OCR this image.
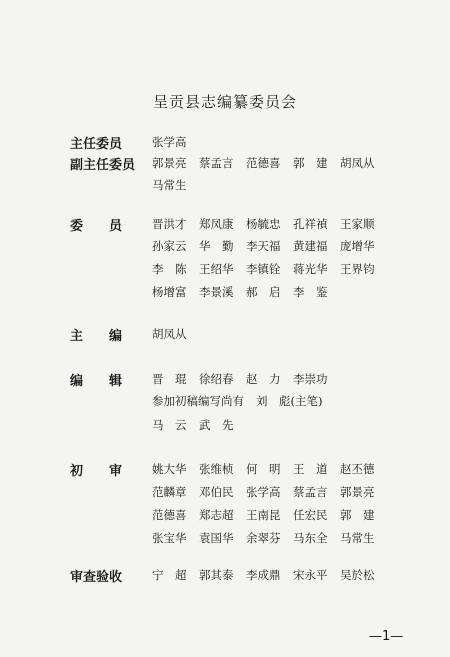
呈贡县志编纂委员会
主任委员	张学高
副主任委员 郭景亮 蔡孟言 范德喜 郭　建 胡凤从
马常生
委　　员	晋洪才 郑凤康 杨毓忠 孔祥禎 王家顺
孙家云 华　勤 李天福 黄建福 庞增华
李　陈 王绍华 李镇铨 蒋光华 王界钧
杨增富 李景溪 郝　启 李　鉴
主　　编	胡凤从
编　　辑	晋　琨 徐绍春 赵　力 李崇功
参加初稿编写尚有 刘　彪(主笔)
马　云 武　先
初　　审	姚大华 张维桢 何　明 王　道 赵丕德
范麟章 邓伯民 张学高 蔡孟言 郭景亮
范德喜 郑志超 王南昆 任宏民 郭　建
张宝华 袁国华 余翠芬 马东全 马常生
审查验收	宁　超 郭其泰 李成鼎 宋永平 吴於松
—1—
